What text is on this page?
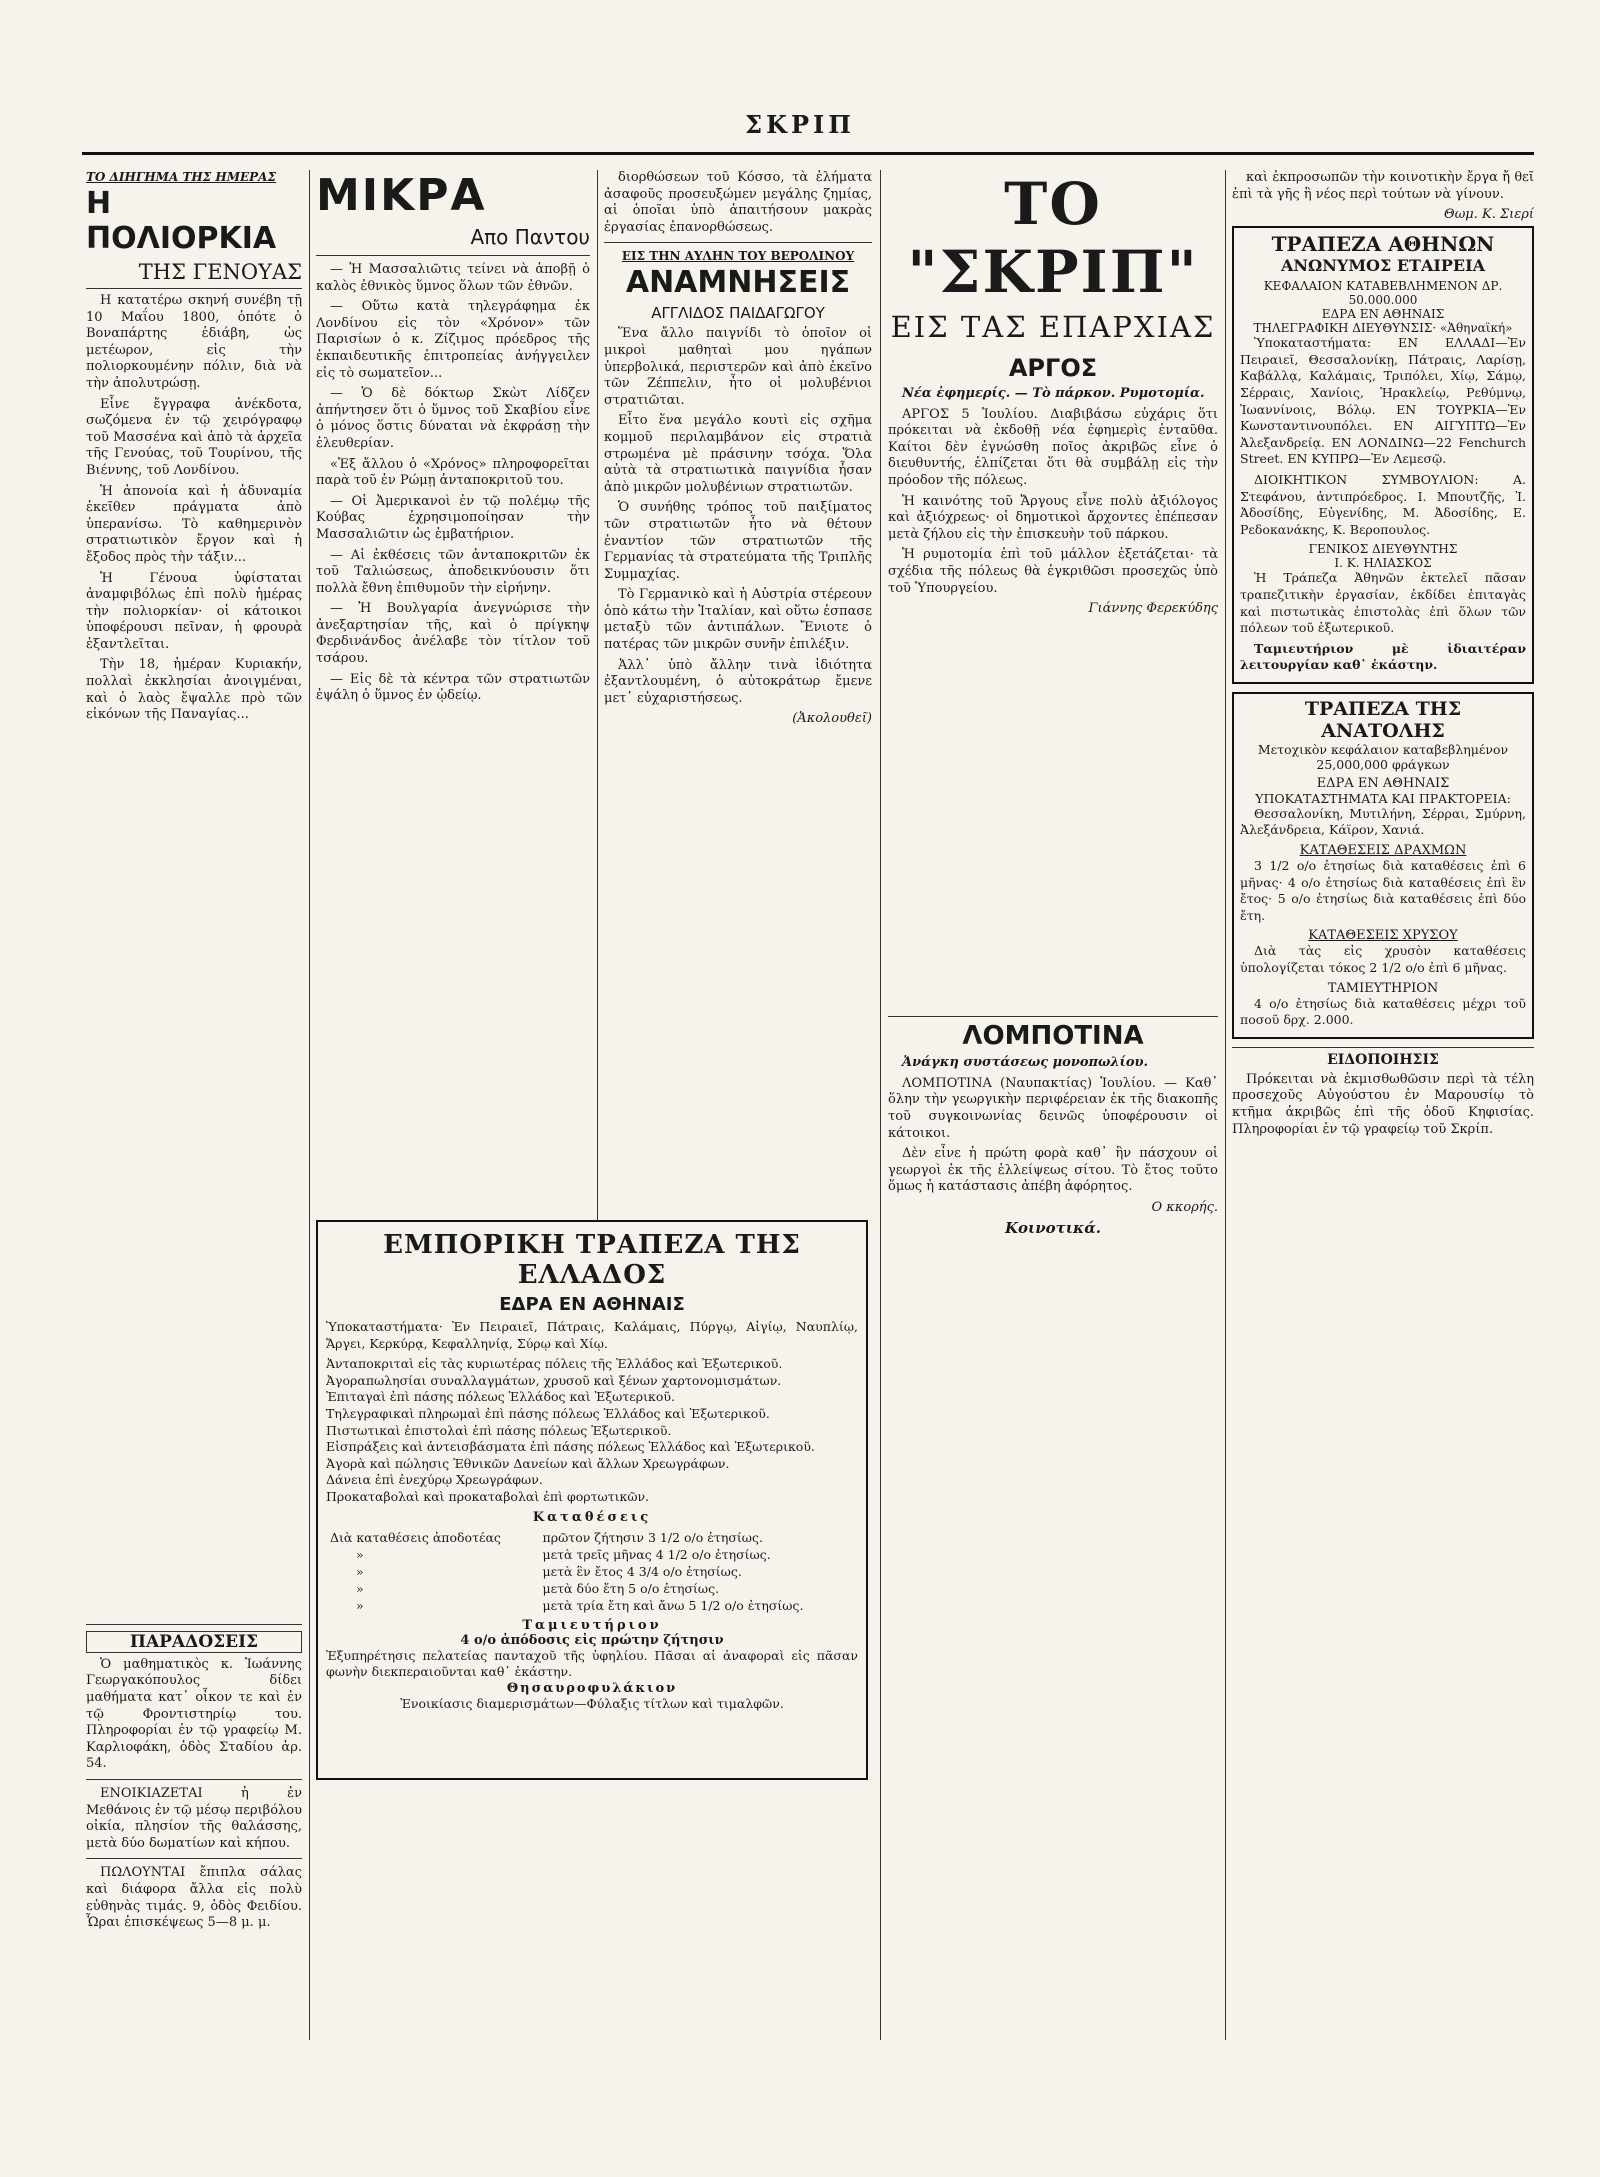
ΣΚΡΙΠ
ΤΟ ΔΙΗΓΗΜΑ ΤΗΣ ΗΜΕΡΑΣ
Η ΠΟΛΙΟΡΚΙΑ
ΤΗΣ ΓΕΝΟΥΑΣ

Η κατατέρω σκηνή συνέβη τῇ 10 Μαΐου 1800, ὁπότε ὁ Βοναπάρτης ἐδιάβη, ὡς μετέωρον, εἰς τὴν πολιορκουμένην πόλιν, διὰ νὰ τὴν ἀπολυτρώσῃ.

Εἶνε ἔγγραφα ἀνέκδοτα, σωζόμενα ἐν τῷ χειρόγραφῳ τοῦ Μασσένα καὶ ἀπὸ τὰ ἀρχεῖα τῆς Γενούας, τοῦ Τουρίνου, τῆς Βιέννης, τοῦ Λονδίνου.

Ἡ ἀπονοία καὶ ἡ ἀδυναμία ἐκεῖθεν πράγματα ἀπὸ ὑπερανίσω. Τὸ καθημερινὸν στρατιωτικὸν ἔργον καὶ ἡ ἔξοδος πρὸς τὴν τάξιν...

Ἡ Γένουα ὑφίσταται ἀναμφιβόλως ἐπὶ πολὺ ἡμέρας τὴν πολιορκίαν· οἱ κάτοικοι ὑποφέρουσι πεῖναν, ἡ φρουρὰ ἐξαντλεῖται.

Τὴν 18, ἡμέραν Κυριακήν, πολλαὶ ἐκκλησίαι ἀνοιγμέναι, καὶ ὁ λαὸς ἔψαλλε πρὸ τῶν εἰκόνων τῆς Παναγίας...

ΠΑΡΑΔΟΣΕΙΣ

Ὁ μαθηματικὸς κ. Ἰωάννης Γεωργακόπουλος δίδει μαθήματα κατ᾽ οἶκον τε καὶ ἐν τῷ Φροντιστηρίῳ του. Πληροφορίαι ἐν τῷ γραφείῳ Μ. Καρλιοφάκη, ὁδὸς Σταδίου ἀρ. 54.

ΕΝΟΙΚΙΑΖΕΤΑΙ ἡ ἐν Μεθάνοις ἐν τῷ μέσῳ περιβόλου οἰκία, πλησίον τῆς θαλάσσης, μετὰ δύο δωματίων καὶ κήπου.

ΠΩΛΟΥΝΤΑΙ ἔπιπλα σάλας καὶ διάφορα ἄλλα εἰς πολὺ εὐθηνὰς τιμάς. 9, ὁδὸς Φειδίου. Ὧραι ἐπισκέψεως 5—8 μ. μ.

ΜΙΚΡΑ
Απο Παντου

— Ἡ Μασσαλιῶτις τείνει νὰ ἀποβῇ ὁ καλὸς ἐθνικὸς ὕμνος ὅλων τῶν ἐθνῶν.

— Οὕτω κατὰ τηλεγράφημα ἐκ Λονδίνου εἰς τὸν «Χρόνον» τῶν Παρισίων ὁ κ. Ζίζιμος πρόεδρος τῆς ἐκπαιδευτικῆς ἐπιτροπείας ἀνήγγειλεν εἰς τὸ σωματεῖον...

— Ὁ δὲ δόκτωρ Σκὼτ Λίδζεν ἀπήντησεν ὅτι ὁ ὕμνος τοῦ Σκαβίου εἶνε ὁ μόνος ὅστις δύναται νὰ ἐκφράσῃ τὴν ἐλευθερίαν.

«Ἐξ ἄλλου ὁ «Χρόνος» πληροφορεῖται παρὰ τοῦ ἐν Ρώμῃ ἀνταποκριτοῦ του.

— Οἱ Ἀμερικανοὶ ἐν τῷ πολέμῳ τῆς Κούβας ἐχρησιμοποίησαν τὴν Μασσαλιῶτιν ὡς ἐμβατήριον.

— Αἱ ἐκθέσεις τῶν ἀνταποκριτῶν ἐκ τοῦ Ταλιώσεως, ἀποδεικνύουσιν ὅτι πολλὰ ἔθνη ἐπιθυμοῦν τὴν εἰρήνην.

— Ἡ Βουλγαρία ἀνεγνώρισε τὴν ἀνεξαρτησίαν τῆς, καὶ ὁ πρίγκηψ Φερδινάνδος ἀνέλαβε τὸν τίτλον τοῦ τσάρου.

— Εἰς δὲ τὰ κέντρα τῶν στρατιωτῶν ἐψάλη ὁ ὕμνος ἐν ᾠδείῳ.

διορθώσεων τοῦ Κόσσο, τὰ ἐλήματα ἀσαφοῦς προσευξώμεν μεγάλης ζημίας, αἱ ὁποῖαι ὑπὸ ἀπαιτήσουν μακρὰς ἐργασίας ἐπανορθώσεως.

ΕΙΣ ΤΗΝ ΑΥΛΗΝ ΤΟΥ ΒΕΡΟΛΙΝΟΥ
ΑΝΑΜΝΗΣΕΙΣ
ΑΓΓΛΙΔΟΣ ΠΑΙΔΑΓΩΓΟΥ

Ἕνα ἄλλο παιγνίδι τὸ ὁποῖον οἱ μικροὶ μαθηταὶ μου ηγάπων ὑπερβολικά, περιστερῶν καὶ ἀπὸ ἐκεῖνο τῶν Ζέππελιν, ἦτο οἱ μολυβένιοι στρατιῶται.

Εἶτο ἕνα μεγάλο κουτὶ εἰς σχῆμα κομμοῦ περιλαμβάνον εἰς στρατιὰ στρωμένα μὲ πράσινην τσόχα. Ὅλα αὐτὰ τὰ στρατιωτικὰ παιγνίδια ἦσαν ἀπὸ μικρῶν μολυβένιων στρατιωτῶν.

Ὁ συνήθης τρόπος τοῦ παιξίματος τῶν στρατιωτῶν ἦτο νὰ θέτουν ἐναντίον τῶν στρατιωτῶν τῆς Γερμανίας τὰ στρατεύματα τῆς Τριπλῆς Συμμαχίας.

Τὸ Γερμανικὸ καὶ ἡ Αὐστρία στέρεουν ὁπὸ κάτω τὴν Ἰταλίαν, καὶ οὕτω ἐσπασε μεταξὺ τῶν ἀντιπάλων. Ἔνιοτε ὁ πατέρας τῶν μικρῶν συνῆν ἐπιλέξιν.

Ἀλλ᾽ ὑπὸ ἄλλην τινὰ ἰδιότητα ἐξαντλουμένη, ὁ αὐτοκράτωρ ἔμενε μετ᾽ εὐχαριστήσεως.

(Ἀκολουθεῖ)
ΕΜΠΟΡΙΚΗ ΤΡΑΠΕΖΑ ΤΗΣ ΕΛΛΑΔΟΣ
ΕΔΡΑ ΕΝ ΑΘΗΝΑΙΣ

Ὑποκαταστήματα· Ἐν Πειραιεῖ, Πάτραις, Καλάμαις, Πύργῳ, Αἰγίῳ, Ναυπλίῳ, Ἄργει, Κερκύρᾳ, Κεφαλληνίᾳ, Σύρῳ καὶ Χίῳ.

Ἀνταποκριταὶ εἰς τὰς κυριωτέρας πόλεις τῆς Ἑλλάδος καὶ Ἐξωτερικοῦ.

Ἀγοραπωλησίαι συναλλαγμάτων, χρυσοῦ καὶ ξένων χαρτονομισμάτων.

Ἐπιταγαὶ ἐπὶ πάσης πόλεως Ἑλλάδος καὶ Ἐξωτερικοῦ.

Τηλεγραφικαὶ πληρωμαὶ ἐπὶ πάσης πόλεως Ἑλλάδος καὶ Ἐξωτερικοῦ.

Πιστωτικαὶ ἐπιστολαὶ ἐπὶ πάσης πόλεως Ἐξωτερικοῦ.

Εἰσπράξεις καὶ ἀντεισβάσματα ἐπὶ πάσης πόλεως Ἑλλάδος καὶ Ἐξωτερικοῦ.

Ἀγορὰ καὶ πώλησις Ἐθνικῶν Δανείων καὶ ἄλλων Χρεωγράφων.

Δάνεια ἐπὶ ἐνεχύρῳ Χρεωγράφων.

Προκαταβολαὶ καὶ προκαταβολαὶ ἐπὶ φορτωτικῶν.

Καταθέσεις
Διὰ καταθέσεις ἀποδοτέας	πρῶτον ζήτησιν 3 1/2 ο/ο ἐτησίως.
»	μετὰ τρεῖς μῆνας 4 1/2 ο/ο ἐτησίως.
»	μετὰ ἓν ἔτος 4 3/4 ο/ο ἐτησίως.
»	μετὰ δύο ἔτη 5 ο/ο ἐτησίως.
»	μετὰ τρία ἔτη καὶ ἄνω 5 1/2 ο/ο ἐτησίως.
Ταμιευτήριον
4 ο/ο ἀπόδοσις εἰς πρώτην ζήτησιν

Ἐξυπηρέτησις πελατείας πανταχοῦ τῆς ὑφηλίου. Πᾶσαι αἱ ἀναφοραὶ εἰς πᾶσαν φωνὴν διεκπεραιοῦνται καθ᾽ ἑκάστην.

Θησαυροφυλάκιον
Ἐνοικίασις διαμερισμάτων—Φύλαξις τίτλων καὶ τιμαλφῶν.
ΤΟ "ΣΚΡΙΠ"
ΕΙΣ ΤΑΣ ΕΠΑΡΧΙΑΣ
ΑΡΓΟΣ

Νέα ἐφημερίς. — Τὸ πάρκον. Ρυμοτομία.

ΑΡΓΟΣ 5 Ἰουλίου. Διαβιβάσω εὐχάρις ὅτι πρόκειται νὰ ἐκδοθῇ νέα ἐφημερὶς ἐνταῦθα. Καίτοι δὲν ἐγνώσθη ποῖος ἀκριβῶς εἶνε ὁ διευθυντής, ἐλπίζεται ὅτι θὰ συμβάλῃ εἰς τὴν πρόοδον τῆς πόλεως.

Ἡ καινότης τοῦ Ἄργους εἶνε πολὺ ἀξιόλογος καὶ ἀξιόχρεως· οἱ δημοτικοὶ ἄρχοντες ἐπέπεσαν μετὰ ζήλου εἰς τὴν ἐπισκευὴν τοῦ πάρκου.

Ἡ ρυμοτομία ἐπὶ τοῦ μάλλον ἐξετάζεται· τὰ σχέδια τῆς πόλεως θὰ ἐγκριθῶσι προσεχῶς ὑπὸ τοῦ Ὑπουργείου.

Γιάννης Φερεκύδης
ΛΟΜΠΟΤΙΝΑ

Ἀνάγκη συστάσεως μονοπωλίου.

ΛΟΜΠΟΤΙΝΑ (Ναυπακτίας) Ἰουλίου. — Καθ᾽ ὅλην τὴν γεωργικὴν περιφέρειαν ἐκ τῆς διακοπῆς τοῦ συγκοινωνίας δεινῶς ὑποφέρουσιν οἱ κάτοικοι.

Δὲν εἶνε ἡ πρώτη φορὰ καθ᾽ ἣν πάσχουν οἱ γεωργοὶ ἐκ τῆς ἐλλείψεως σίτου. Τὸ ἔτος τοῦτο ὅμως ἡ κατάστασις ἀπέβη ἀφόρητος.

Ο κκορής.
Κοινοτικά.

καὶ ἐκπροσωπῶν τὴν κοινοτικὴν ἔργα ἤ θεῖ ἐπὶ τὰ γῆς ἢ νέος περὶ τούτων νὰ γίνουν.

Θωμ. Κ. Σιερί
ΤΡΑΠΕΖΑ ΑΘΗΝΩΝ
ΑΝΩΝΥΜΟΣ ΕΤΑΙΡΕΙΑ
ΚΕΦΑΛΑΙΟΝ ΚΑΤΑΒΕΒΛΗΜΕΝΟΝ ΔΡ. 50.000.000
ΕΔΡΑ ΕΝ ΑΘΗΝΑΙΣ
ΤΗΛΕΓΡΑΦΙΚΗ ΔΙΕΥΘΥΝΣΙΣ· «Ἀθηναϊκή»

Ὑποκαταστήματα: ΕΝ ΕΛΛΑΔΙ—Ἐν Πειραιεῖ, Θεσσαλονίκῃ, Πάτραις, Λαρίσῃ, Καβάλλᾳ, Καλάμαις, Τριπόλει, Χίῳ, Σάμῳ, Σέρραις, Χανίοις, Ἡρακλείῳ, Ρεθύμνῳ, Ἰωαννίνοις, Βόλῳ. ΕΝ ΤΟΥΡΚΙΑ—Ἐν Κωνσταντινουπόλει. ΕΝ ΑΙΓΥΠΤΩ—Ἐν Ἀλεξανδρείᾳ. ΕΝ ΛΟΝΔΙΝΩ—22 Fenchurch Street. ΕΝ ΚΥΠΡΩ—Ἐν Λεμεσῷ.

ΔΙΟΙΚΗΤΙΚΟΝ ΣΥΜΒΟΥΛΙΟΝ: Α. Στεφάνου, ἀντιπρόεδρος. Ι. Μπουτζῆς, Ἰ. Ἀδοσίδης, Εὐγενίδης, Μ. Ἀδοσίδης, Ε. Ρεδοκανάκης, Κ. Βεροπουλος.

ΓΕΝΙΚΟΣ ΔΙΕΥΘΥΝΤΗΣ
Ι. Κ. ΗΛΙΑΣΚΟΣ

Ἡ Τράπεζα Ἀθηνῶν ἐκτελεῖ πᾶσαν τραπεζιτικὴν ἐργασίαν, ἐκδίδει ἐπιταγὰς καὶ πιστωτικὰς ἐπιστολὰς ἐπὶ ὅλων τῶν πόλεων τοῦ ἐξωτερικοῦ.

Ταμιευτήριον μὲ ἰδιαιτέραν λειτουργίαν καθ᾽ ἑκάστην.

ΤΡΑΠΕΖΑ ΤΗΣ ΑΝΑΤΟΛΗΣ
Μετοχικὸν κεφάλαιον καταβεβλημένον 25,000,000 φράγκων
ΕΔΡΑ ΕΝ ΑΘΗΝΑΙΣ
ΥΠΟΚΑΤΑΣΤΗΜΑΤΑ ΚΑΙ ΠΡΑΚΤΟΡΕΙΑ:

Θεσσαλονίκη, Μυτιλήνη, Σέρραι, Σμύρνη, Ἀλεξάνδρεια, Κάϊρον, Χανιά.

ΚΑΤΑΘΕΣΕΙΣ ΔΡΑΧΜΩΝ

3 1/2 ο/ο ἐτησίως διὰ καταθέσεις ἐπὶ 6 μῆνας· 4 ο/ο ἐτησίως διὰ καταθέσεις ἐπὶ ἓν ἔτος· 5 ο/ο ἐτησίως διὰ καταθέσεις ἐπὶ δύο ἔτη.

ΚΑΤΑΘΕΣΕΙΣ ΧΡΥΣΟΥ

Διὰ τὰς εἰς χρυσὸν καταθέσεις ὑπολογίζεται τόκος 2 1/2 ο/ο ἐπὶ 6 μῆνας.

ΤΑΜΙΕΥΤΗΡΙΟΝ

4 ο/ο ἐτησίως διὰ καταθέσεις μέχρι τοῦ ποσοῦ δρχ. 2.000.

ΕΙΔΟΠΟΙΗΣΙΣ

Πρόκειται νὰ ἐκμισθωθῶσιν περὶ τὰ τέλη προσεχοῦς Αὐγούστου ἐν Μαρουσίῳ τὸ κτῆμα ἀκριβῶς ἐπὶ τῆς ὁδοῦ Κηφισίας. Πληροφορίαι ἐν τῷ γραφείῳ τοῦ Σκρίπ.
